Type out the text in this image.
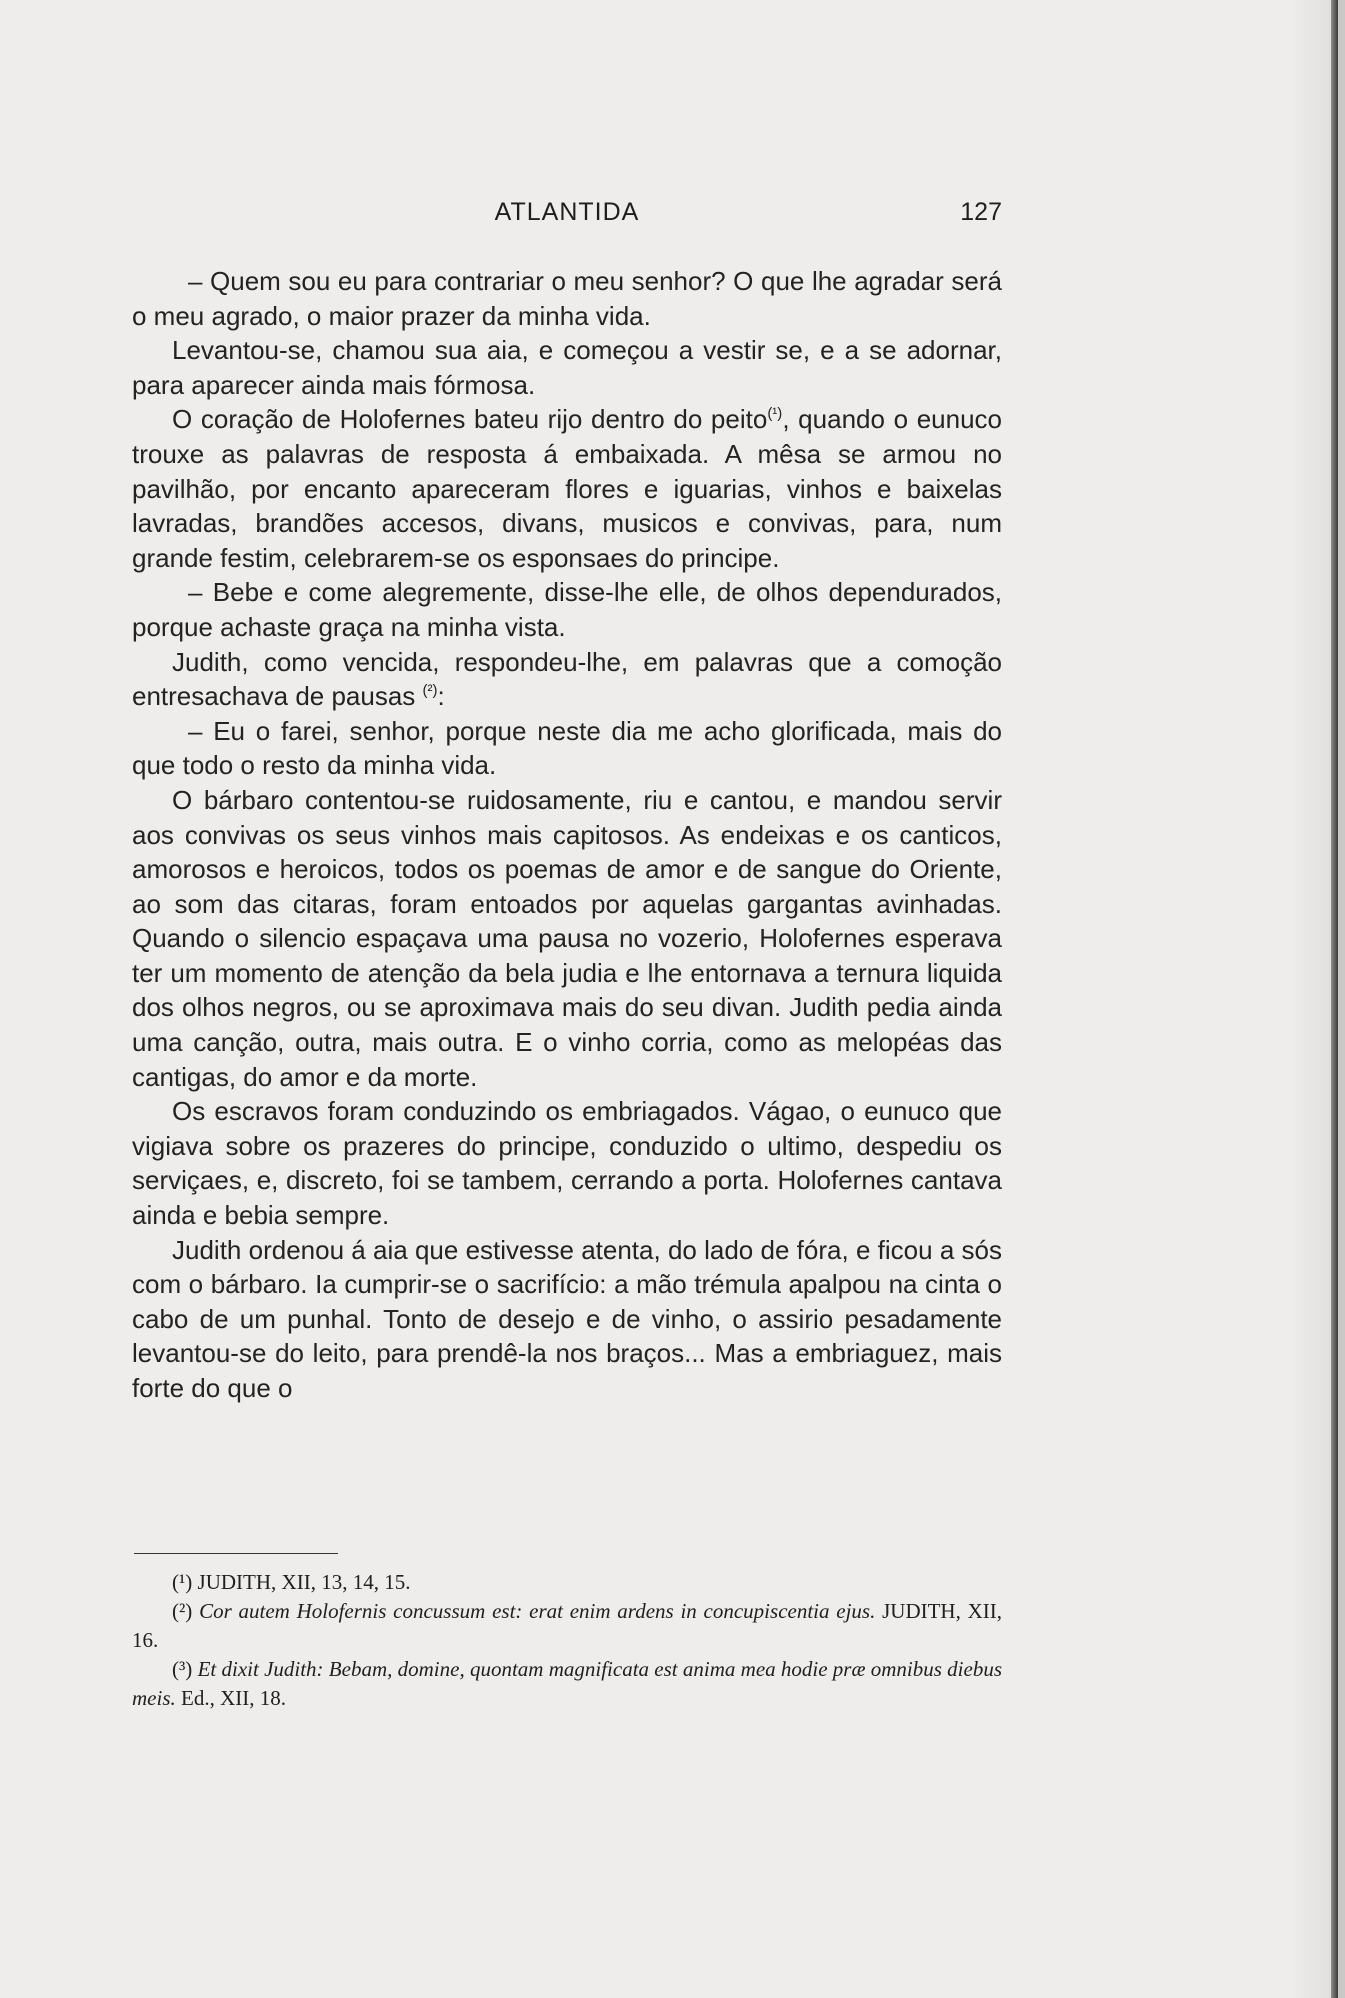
ATLANTIDA	127

– Quem sou eu para contrariar o meu senhor? O que lhe agradar será o meu agrado, o maior prazer da minha vida.

Levantou-se, chamou sua aia, e começou a vestir se, e a se adornar, para aparecer ainda mais fórmosa.

O coração de Holofernes bateu rijo dentro do peito$^{(^1)}$, quando o eunuco trouxe as palavras de resposta á embaixada. A mêsa se armou no pavilhão, por encanto apareceram flores e iguarias, vinhos e baixelas lavradas, brandões accesos, divans, musicos e convivas, para, num grande festim, celebrarem-se os esponsaes do principe.

– Bebe e come alegremente, disse-lhe elle, de olhos dependurados, porque achaste graça na minha vista.

Judith, como vencida, respondeu-lhe, em palavras que a comoção entresachava de pausas $^{(^2)}$:

– Eu o farei, senhor, porque neste dia me acho glorificada, mais do que todo o resto da minha vida.

O bárbaro contentou-se ruidosamente, riu e cantou, e mandou servir aos convivas os seus vinhos mais capitosos. As endeixas e os canticos, amorosos e heroicos, todos os poemas de amor e de sangue do Oriente, ao som das citaras, foram entoados por aquelas gargantas avinhadas. Quando o silencio espaçava uma pausa no vozerio, Holofernes esperava ter um momento de atenção da bela judia e lhe entornava a ternura liquida dos olhos negros, ou se aproximava mais do seu divan. Judith pedia ainda uma canção, outra, mais outra. E o vinho corria, como as melopéas das cantigas, do amor e da morte.

Os escravos foram conduzindo os embriagados. Vágao, o eunuco que vigiava sobre os prazeres do principe, conduzido o ultimo, despediu os serviçaes, e, discreto, foi se tambem, cerrando a porta. Holofernes cantava ainda e bebia sempre.

Judith ordenou á aia que estivesse atenta, do lado de fóra, e ficou a sós com o bárbaro. Ia cumprir-se o sacrifício: a mão trémula apalpou na cinta o cabo de um punhal. Tonto de desejo e de vinho, o assirio pesadamente levantou-se do leito, para prendê-la nos braços... Mas a embriaguez, mais forte do que o

(¹) JUDITH, XII, 13, 14, 15.

(²) Cor autem Holofernis concussum est: erat enim ardens in concupiscentia ejus. JUDITH, XII, 16.

(³) Et dixit Judith: Bebam, domine, quontam magnificata est anima mea hodie præ omnibus diebus meis. Ed., XII, 18.
